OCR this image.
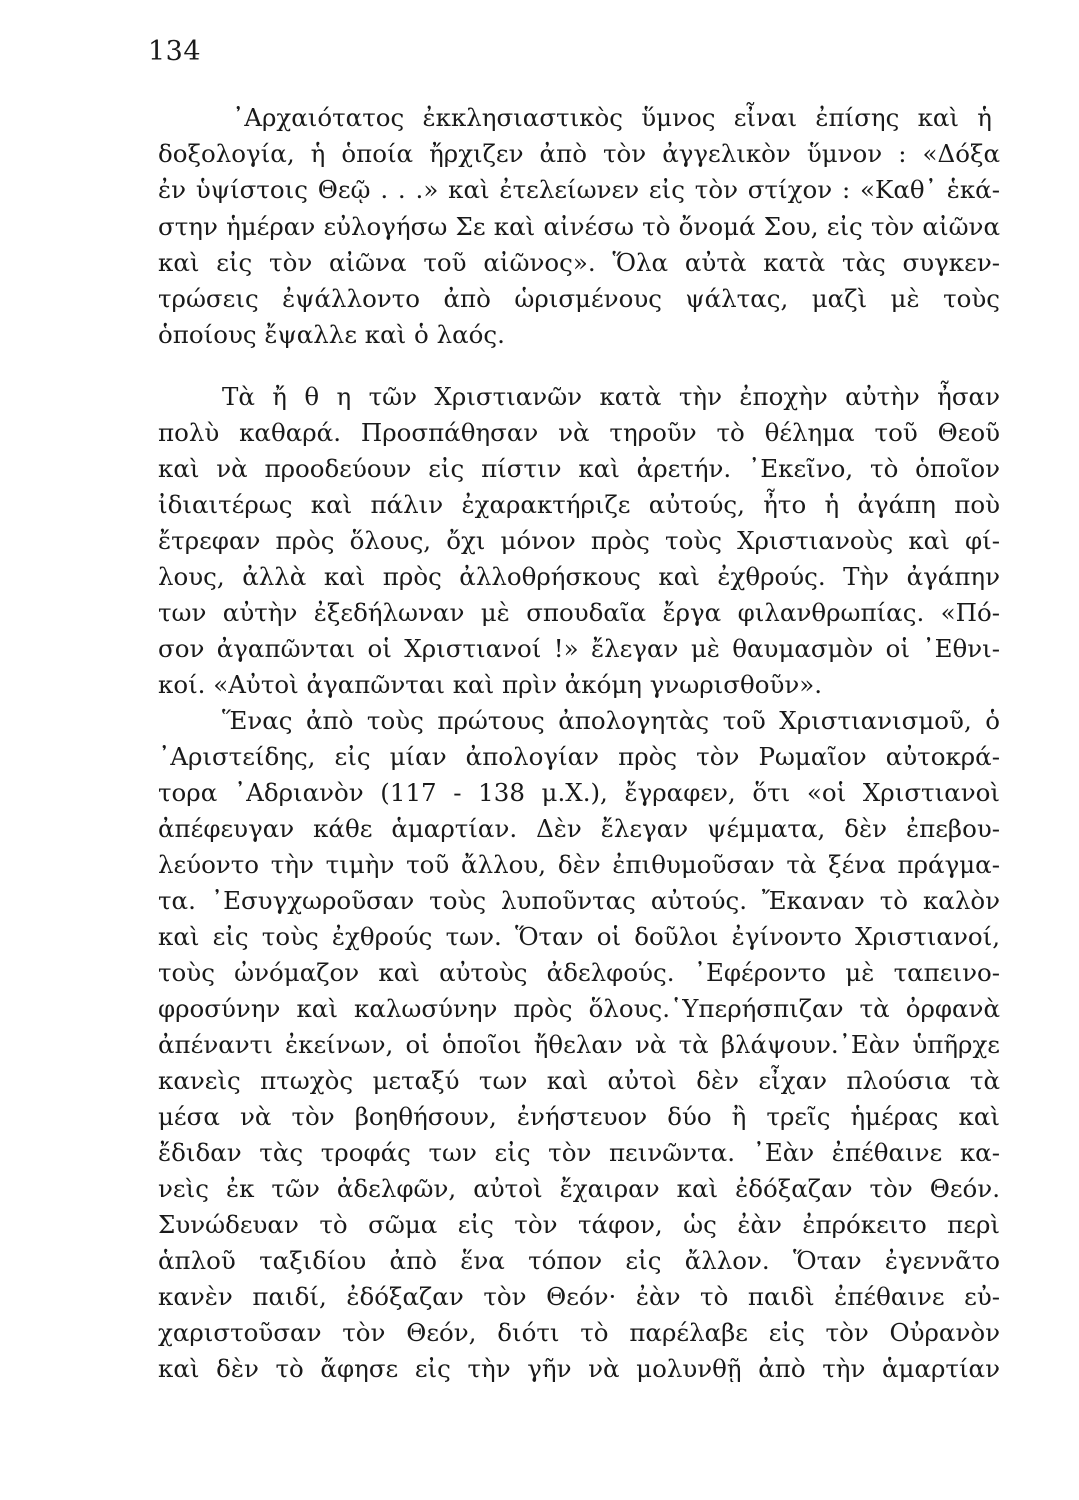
134
᾿Αρχαιότατος ἐκκλησιαστικὸς ὕμνος εἶναι ἐπίσης καὶ ἡ
δοξολογία, ἡ ὁποία ἤρχιζεν ἀπὸ τὸν ἀγγελικὸν ὕμνον : «Δόξα
ἐν ὑψίστοις Θεῷ . . .» καὶ ἐτελείωνεν εἰς τὸν στίχον : «Καθ᾿ ἑκά-
στην ἡμέραν εὐλογήσω Σε καὶ αἰνέσω τὸ ὄνομά Σου, εἰς τὸν αἰῶνα
καὶ εἰς τὸν αἰῶνα τοῦ αἰῶνος». Ὅλα αὐτὰ κατὰ τὰς συγκεν-
τρώσεις ἐψάλλοντο ἀπὸ ὡρισμένους ψάλτας, μαζὶ μὲ τοὺς
ὁποίους ἔψαλλε καὶ ὁ λαός.
Τὰ ἤ θ η τῶν Χριστιανῶν κατὰ τὴν ἐποχὴν αὐτὴν ἦσαν
πολὺ καθαρά. Προσπάθησαν νὰ τηροῦν τὸ θέλημα τοῦ Θεοῦ
καὶ νὰ προοδεύουν εἰς πίστιν καὶ ἀρετήν. ᾿Εκεῖνο, τὸ ὁποῖον
ἰδιαιτέρως καὶ πάλιν ἐχαρακτήριζε αὐτούς, ἦτο ἡ ἀγάπη ποὺ
ἔτρεφαν πρὸς ὅλους, ὄχι μόνον πρὸς τοὺς Χριστιανοὺς καὶ φί-
λους, ἀλλὰ καὶ πρὸς ἀλλοθρήσκους καὶ ἐχθρούς. Τὴν ἀγάπην
των αὐτὴν ἐξεδήλωναν μὲ σπουδαῖα ἔργα φιλανθρωπίας. «Πό-
σον ἀγαπῶνται οἱ Χριστιανοί !» ἔλεγαν μὲ θαυμασμὸν οἱ ᾿Εθνι-
κοί. «Αὐτοὶ ἀγαπῶνται καὶ πρὶν ἀκόμη γνωρισθοῦν».
Ἕνας ἀπὸ τοὺς πρώτους ἀπολογητὰς τοῦ Χριστιανισμοῦ, ὁ
᾿Αριστείδης, εἰς μίαν ἀπολογίαν πρὸς τὸν Ρωμαῖον αὐτοκρά-
τορα ᾿Αδριανὸν (117 - 138 μ.Χ.), ἔγραφεν, ὅτι «οἱ Χριστιανοὶ
ἀπέφευγαν κάθε ἁμαρτίαν. Δὲν ἔλεγαν ψέμματα, δὲν ἐπεβου-
λεύοντο τὴν τιμὴν τοῦ ἄλλου, δὲν ἐπιθυμοῦσαν τὰ ξένα πράγμα-
τα. ᾿Εσυγχωροῦσαν τοὺς λυποῦντας αὐτούς. Ἔκαναν τὸ καλὸν
καὶ εἰς τοὺς ἐχθρούς των. Ὅταν οἱ δοῦλοι ἐγίνοντο Χριστιανοί,
τοὺς ὠνόμαζον καὶ αὐτοὺς ἀδελφούς. ᾿Εφέροντο μὲ ταπεινο-
φροσύνην καὶ καλωσύνην πρὸς ὅλους.῾Υπερήσπιζαν τὰ ὀρφανὰ
ἀπέναντι ἐκείνων, οἱ ὁποῖοι ἤθελαν νὰ τὰ βλάψουν.᾿Εὰν ὑπῆρχε
κανεὶς πτωχὸς μεταξύ των καὶ αὐτοὶ δὲν εἶχαν πλούσια τὰ
μέσα νὰ τὸν βοηθήσουν, ἐνήστευον δύο ἢ τρεῖς ἡμέρας καὶ
ἔδιδαν τὰς τροφάς των εἰς τὸν πεινῶντα. ᾿Εὰν ἐπέθαινε κα-
νεὶς ἐκ τῶν ἀδελφῶν, αὐτοὶ ἔχαιραν καὶ ἐδόξαζαν τὸν Θεόν.
Συνώδευαν τὸ σῶμα εἰς τὸν τάφον, ὡς ἐὰν ἐπρόκειτο περὶ
ἁπλοῦ ταξιδίου ἀπὸ ἕνα τόπον εἰς ἄλλον. Ὅταν ἐγεννᾶτο
κανὲν παιδί, ἐδόξαζαν τὸν Θεόν· ἐὰν τὸ παιδὶ ἐπέθαινε εὐ-
χαριστοῦσαν τὸν Θεόν, διότι τὸ παρέλαβε εἰς τὸν Οὐρανὸν
καὶ δὲν τὸ ἄφησε εἰς τὴν γῆν νὰ μολυνθῇ ἀπὸ τὴν ἁμαρτίαν
